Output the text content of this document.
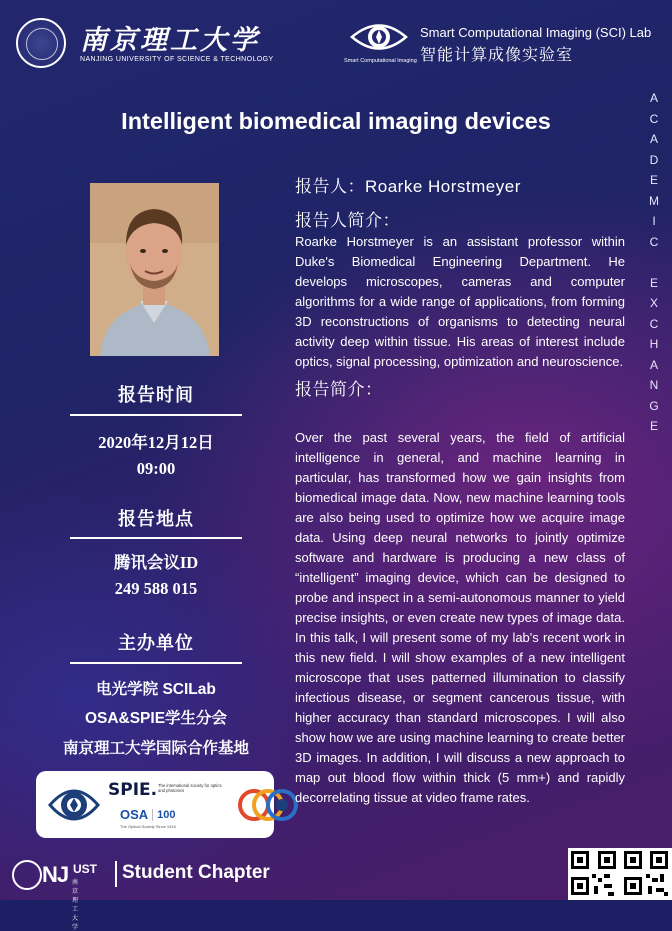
南京理工大学
NANJING UNIVERSITY OF SCIENCE & TECHNOLOGY	Smart Computational Imaging
Smart Computational Imaging (SCI) Lab
智能计算成像实验室
Intelligent biomedical imaging devices
A
C
A
D
E
M
I
C

E
X
C
H
A
N
G
E
报告时间
2020年12月12日
09:00
报告地点
腾讯会议ID
249 588 015
主办单位
电光学院 SCILab
OSA&SPIE学生分会
南京理工大学国际合作基地
SPIE. The international society for optics and photonics
OSA 100
The Optical Society Since 1916
NJ UST
南京理工大学
Student Chapter
报告人：Roarke Horstmeyer
报告人简介：
Roarke Horstmeyer is an assistant professor within Duke's Biomedical Engineering Department. He develops microscopes, cameras and computer algorithms for a wide range of applications, from forming 3D reconstructions of organisms to detecting neural activity deep within tissue. His areas of interest include optics, signal processing, optimization and neuroscience.
报告简介：
Over the past several years, the field of artificial intelligence in general, and machine learning in particular, has transformed how we gain insights from biomedical image data. Now, new machine learning tools are also being used to optimize how we acquire image data. Using deep neural networks to jointly optimize software and hardware is producing a new class of “intelligent” imaging device, which can be designed to probe and inspect in a semi-autonomous manner to yield precise insights, or even create new types of image data. In this talk, I will present some of my lab's recent work in this new field. I will show examples of a new intelligent microscope that uses patterned illumination to classify infectious disease, or segment cancerous tissue, with higher accuracy than standard microscopes. I will also show how we are using machine learning to create better 3D images. In addition, I will discuss a new approach to map out blood flow within thick (5 mm+) and rapidly decorrelating tissue at video frame rates.
